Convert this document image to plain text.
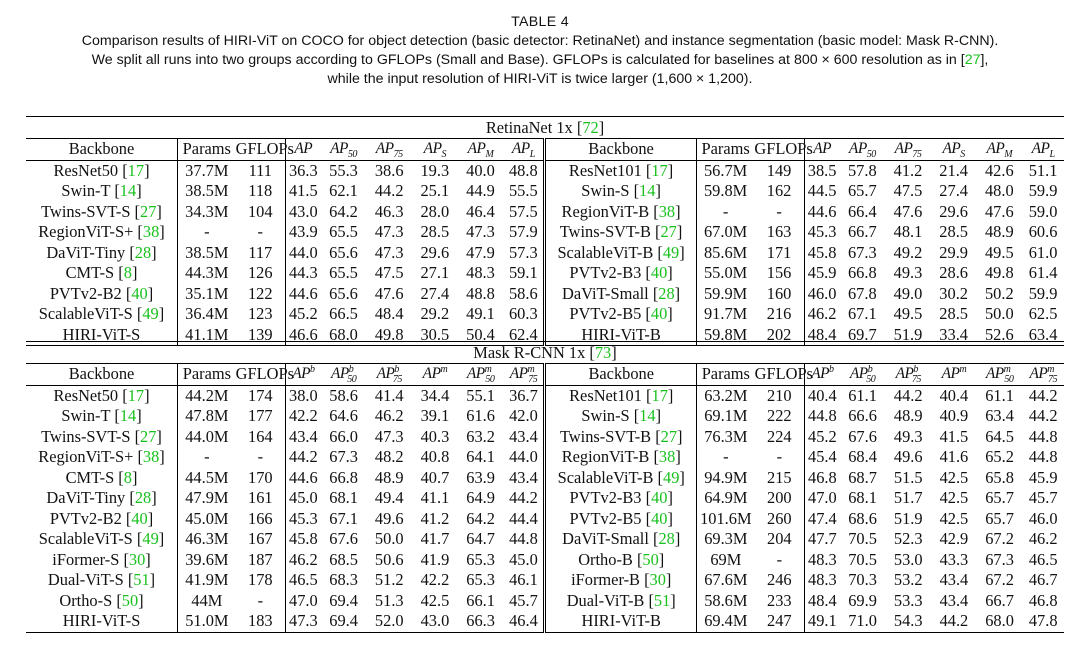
TABLE 4
Comparison results of HIRI-ViT on COCO for object detection (basic detector: RetinaNet) and instance segmentation (basic model: Mask R-CNN).
We split all runs into two groups according to GFLOPs (Small and Base). GFLOPs is calculated for baselines at 800 × 600 resolution as in [27],
while the input resolution of HIRI-ViT is twice larger (1,600 × 1,200).
RetinaNet 1x [72]																	
Backbone	Params	GFLOPs	AP	$AP_{50}$	$AP_{75}$	$AP_S$	$AP_M$	$AP_L$	Backbone	Params	GFLOPs	AP	$AP_{50}$	$AP_{75}$	$AP_S$	$AP_M$	$AP_L$
ResNet50 [17]	37.7M	111	36.3	55.3	38.6	19.3	40.0	48.8	ResNet101 [17]	56.7M	149	38.5	57.8	41.2	21.4	42.6	51.1
Swin-T [14]	38.5M	118	41.5	62.1	44.2	25.1	44.9	55.5	Swin-S [14]	59.8M	162	44.5	65.7	47.5	27.4	48.0	59.9
Twins-SVT-S [27]	34.3M	104	43.0	64.2	46.3	28.0	46.4	57.5	RegionViT-B [38]	-	-	44.6	66.4	47.6	29.6	47.6	59.0
RegionViT-S+ [38]	-	-	43.9	65.5	47.3	28.5	47.3	57.9	Twins-SVT-B [27]	67.0M	163	45.3	66.7	48.1	28.5	48.9	60.6
DaViT-Tiny [28]	38.5M	117	44.0	65.6	47.3	29.6	47.9	57.3	ScalableViT-B [49]	85.6M	171	45.8	67.3	49.2	29.9	49.5	61.0
CMT-S [8]	44.3M	126	44.3	65.5	47.5	27.1	48.3	59.1	PVTv2-B3 [40]	55.0M	156	45.9	66.8	49.3	28.6	49.8	61.4
PVTv2-B2 [40]	35.1M	122	44.6	65.6	47.6	27.4	48.8	58.6	DaViT-Small [28]	59.9M	160	46.0	67.8	49.0	30.2	50.2	59.9
ScalableViT-S [49]	36.4M	123	45.2	66.5	48.4	29.2	49.1	60.3	PVTv2-B5 [40]	91.7M	216	46.2	67.1	49.5	28.5	50.0	62.5
HIRI-ViT-S	41.1M	139	46.6	68.0	49.8	30.5	50.4	62.4	HIRI-ViT-B	59.8M	202	48.4	69.7	51.9	33.4	52.6	63.4
Mask R-CNN 1x [73]																	
Backbone	Params	GFLOPs	$AP^b$	$AP^b_{50}$	$AP^b_{75}$	$AP^m$	$AP^m_{50}$	$AP^m_{75}$	Backbone	Params	GFLOPs	$AP^b$	$AP^b_{50}$	$AP^b_{75}$	$AP^m$	$AP^m_{50}$	$AP^m_{75}$
ResNet50 [17]	44.2M	174	38.0	58.6	41.4	34.4	55.1	36.7	ResNet101 [17]	63.2M	210	40.4	61.1	44.2	40.4	61.1	44.2
Swin-T [14]	47.8M	177	42.2	64.6	46.2	39.1	61.6	42.0	Swin-S [14]	69.1M	222	44.8	66.6	48.9	40.9	63.4	44.2
Twins-SVT-S [27]	44.0M	164	43.4	66.0	47.3	40.3	63.2	43.4	Twins-SVT-B [27]	76.3M	224	45.2	67.6	49.3	41.5	64.5	44.8
RegionViT-S+ [38]	-	-	44.2	67.3	48.2	40.8	64.1	44.0	RegionViT-B [38]	-	-	45.4	68.4	49.6	41.6	65.2	44.8
CMT-S [8]	44.5M	170	44.6	66.8	48.9	40.7	63.9	43.4	ScalableViT-B [49]	94.9M	215	46.8	68.7	51.5	42.5	65.8	45.9
DaViT-Tiny [28]	47.9M	161	45.0	68.1	49.4	41.1	64.9	44.2	PVTv2-B3 [40]	64.9M	200	47.0	68.1	51.7	42.5	65.7	45.7
PVTv2-B2 [40]	45.0M	166	45.3	67.1	49.6	41.2	64.2	44.4	PVTv2-B5 [40]	101.6M	260	47.4	68.6	51.9	42.5	65.7	46.0
ScalableViT-S [49]	46.3M	167	45.8	67.6	50.0	41.7	64.7	44.8	DaViT-Small [28]	69.3M	204	47.7	70.5	52.3	42.9	67.2	46.2
iFormer-S [30]	39.6M	187	46.2	68.5	50.6	41.9	65.3	45.0	Ortho-B [50]	69M	-	48.3	70.5	53.0	43.3	67.3	46.5
Dual-ViT-S [51]	41.9M	178	46.5	68.3	51.2	42.2	65.3	46.1	iFormer-B [30]	67.6M	246	48.3	70.3	53.2	43.4	67.2	46.7
Ortho-S [50]	44M	-	47.0	69.4	51.3	42.5	66.1	45.7	Dual-ViT-B [51]	58.6M	233	48.4	69.9	53.3	43.4	66.7	46.8
HIRI-ViT-S	51.0M	183	47.3	69.4	52.0	43.0	66.3	46.4	HIRI-ViT-B	69.4M	247	49.1	71.0	54.3	44.2	68.0	47.8
